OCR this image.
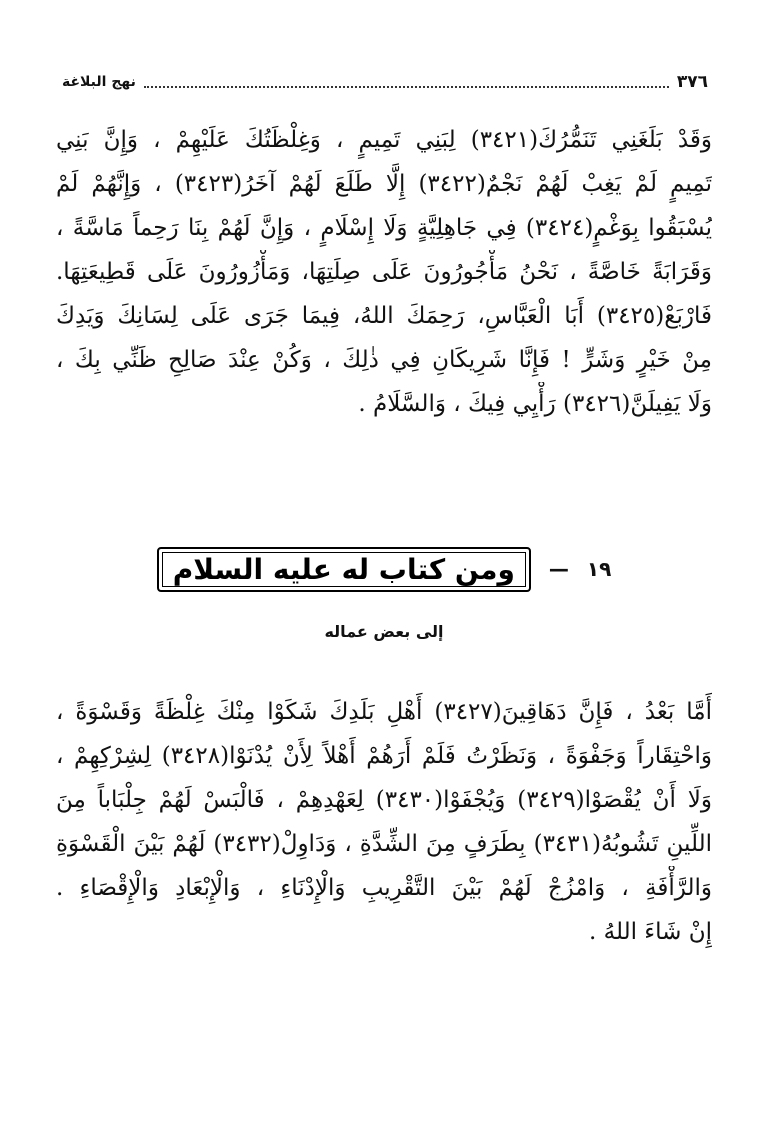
٣٧٦
نهج البلاغة
وَقَدْ بَلَغَنِي تَنَمُّرُكَ(٣٤٢١) لِبَنِي تَمِيمٍ ، وَغِلْظَتُكَ عَلَيْهِمْ ، وَإِنَّ بَنِي
تَمِيمٍ لَمْ يَغِبْ لَهُمْ نَجْمٌ(٣٤٢٢) إِلَّا طَلَعَ لَهُمْ آخَرُ(٣٤٢٣) ، وَإِنَّهُمْ لَمْ
يُسْبَقُوا بِوَغْمٍ(٣٤٢٤) فِي جَاهِلِيَّةٍ وَلَا إِسْلَامٍ ، وَإِنَّ لَهُمْ بِنَا رَحِماً مَاسَّةً ،
وَقَرَابَةً خَاصَّةً ، نَحْنُ مَأْجُورُونَ عَلَى صِلَتِهَا، وَمَأْزُورُونَ عَلَى قَطِيعَتِهَا.
فَارْبَعْ(٣٤٢٥) أَبَا الْعَبَّاسِ، رَحِمَكَ اللهُ، فِيمَا جَرَى عَلَى لِسَانِكَ وَيَدِكَ
مِنْ خَيْرٍ وَشَرٍّ ! فَإِنَّا شَرِيكَانِ فِي ذٰلِكَ ، وَكُنْ عِنْدَ صَالِحِ ظَنِّي بِكَ ،
وَلَا يَفِيلَنَّ(٣٤٢٦) رَأْيِي فِيكَ ، وَالسَّلَامُ .
١٩
—
ومن كتاب له عليه السلام
إلى بعض عماله
أَمَّا بَعْدُ ، فَإِنَّ دَهَاقِينَ(٣٤٢٧) أَهْلِ بَلَدِكَ شَكَوْا مِنْكَ غِلْظَةً وَقَسْوَةً ،
وَاحْتِقَاراً وَجَفْوَةً ، وَنَظَرْتُ فَلَمْ أَرَهُمْ أَهْلاً لِأَنْ يُدْنَوْا(٣٤٢٨) لِشِرْكِهِمْ ،
وَلَا أَنْ يُقْصَوْا(٣٤٢٩) وَيُجْفَوْا(٣٤٣٠) لِعَهْدِهِمْ ، فَالْبَسْ لَهُمْ جِلْبَاباً مِنَ
اللِّينِ تَشُوبُهُ(٣٤٣١) بِطَرَفٍ مِنَ الشِّدَّةِ ، وَدَاوِلْ(٣٤٣٢) لَهُمْ بَيْنَ الْقَسْوَةِ
وَالرَّأْفَةِ ، وَامْزُجْ لَهُمْ بَيْنَ التَّقْرِيبِ وَالْإِدْنَاءِ ، وَالْإِبْعَادِ وَالْإِقْصَاءِ .
إِنْ شَاءَ اللهُ .
